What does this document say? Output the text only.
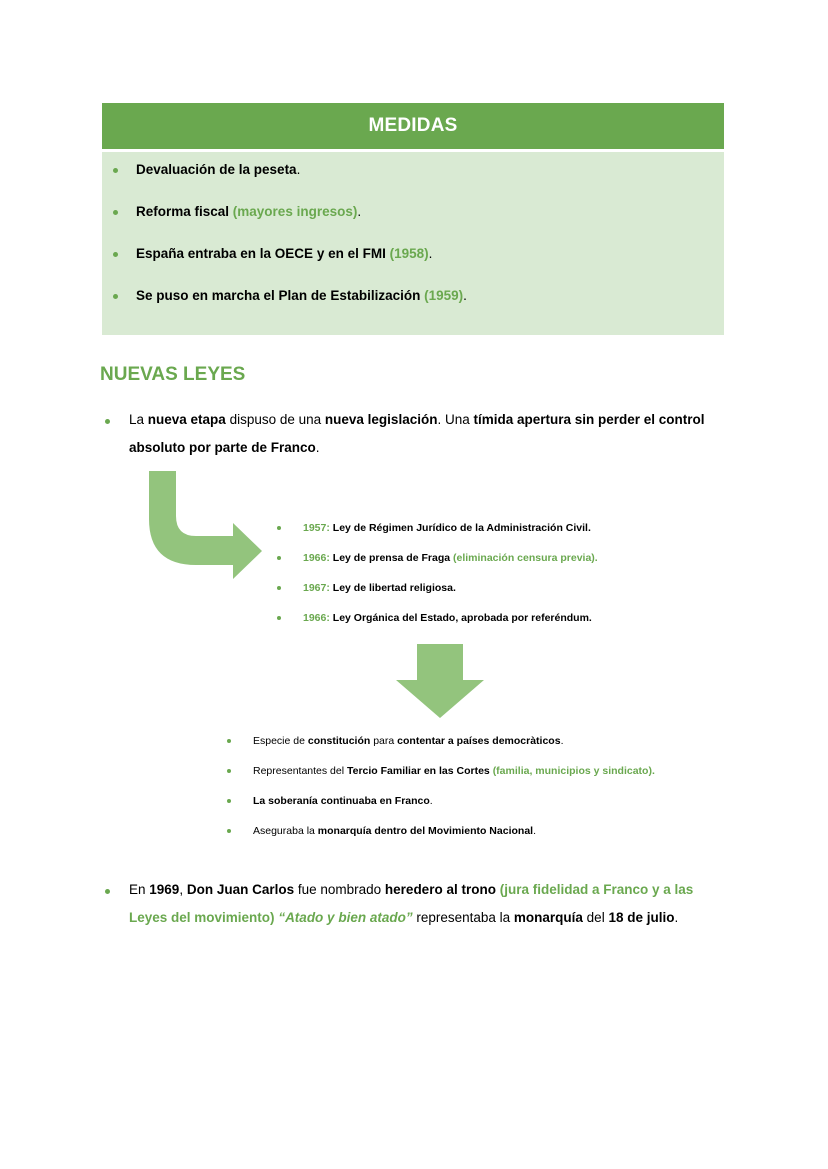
MEDIDAS
Devaluación de la peseta.
Reforma fiscal (mayores ingresos).
España entraba en la OECE y en el FMI (1958).
Se puso en marcha el Plan de Estabilización (1959).
NUEVAS LEYES
La nueva etapa dispuso de una nueva legislación. Una tímida apertura sin perder el control absoluto por parte de Franco.
1957: Ley de Régimen Jurídico de la Administración Civil.
1966: Ley de prensa de Fraga (eliminación censura previa).
1967: Ley de libertad religiosa.
1966: Ley Orgánica del Estado, aprobada por referéndum.
Especie de constitución para contentar a países democràticos.
Representantes del Tercio Familiar en las Cortes (familia, municipios y sindicato).
La soberanía continuaba en Franco.
Aseguraba la monarquía dentro del Movimiento Nacional.
En 1969, Don Juan Carlos fue nombrado heredero al trono (jura fidelidad a Franco y a las Leyes del movimiento) “Atado y bien atado” representaba la monarquía del 18 de julio.
